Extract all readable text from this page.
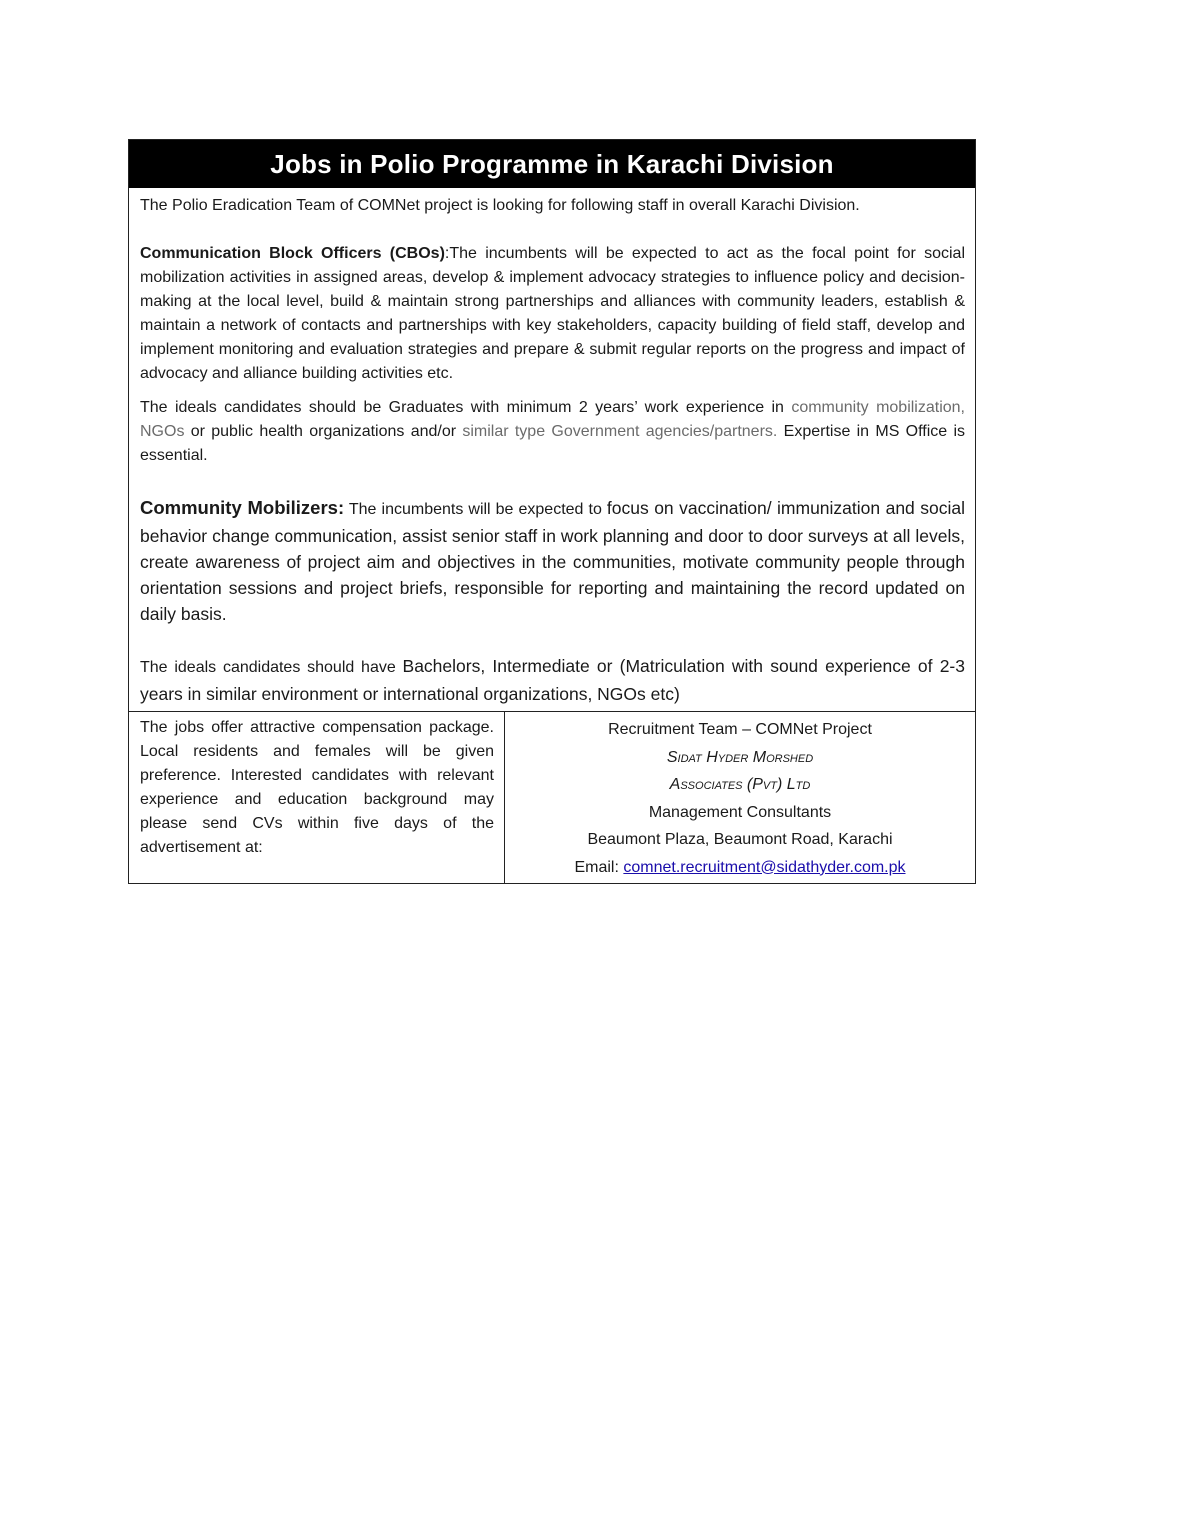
Jobs in Polio Programme in Karachi Division

The Polio Eradication Team of COMNet project is looking for following staff in overall Karachi Division.

Communication Block Officers (CBOs):The incumbents will be expected to act as the focal point for social mobilization activities in assigned areas, develop & implement advocacy strategies to influence policy and decision-making at the local level, build & maintain strong partnerships and alliances with community leaders, establish & maintain a network of contacts and partnerships with key stakeholders, capacity building of field staff, develop and implement monitoring and evaluation strategies and prepare & submit regular reports on the progress and impact of advocacy and alliance building activities etc.

The ideals candidates should be Graduates with minimum 2 years’ work experience in community mobilization, NGOs or public health organizations and/or similar type Government agencies/partners. Expertise in MS Office is essential.

Community Mobilizers: The incumbents will be expected to focus on vaccination/ immunization and social behavior change communication, assist senior staff in work planning and door to door surveys at all levels, create awareness of project aim and objectives in the communities, motivate community people through orientation sessions and project briefs, responsible for reporting and maintaining the record updated on daily basis.

The ideals candidates should have Bachelors, Intermediate or (Matriculation with sound experience of 2-3 years in similar environment or international organizations, NGOs etc)

The jobs offer attractive compensation package. Local residents and females will be given preference. Interested candidates with relevant experience and education background may please send CVs within five days of the advertisement at:
Recruitment Team – COMNet Project
Sidat Hyder Morshed
Associates (Pvt) Ltd
Management Consultants
Beaumont Plaza, Beaumont Road, Karachi
Email: comnet.recruitment@sidathyder.com.pk
